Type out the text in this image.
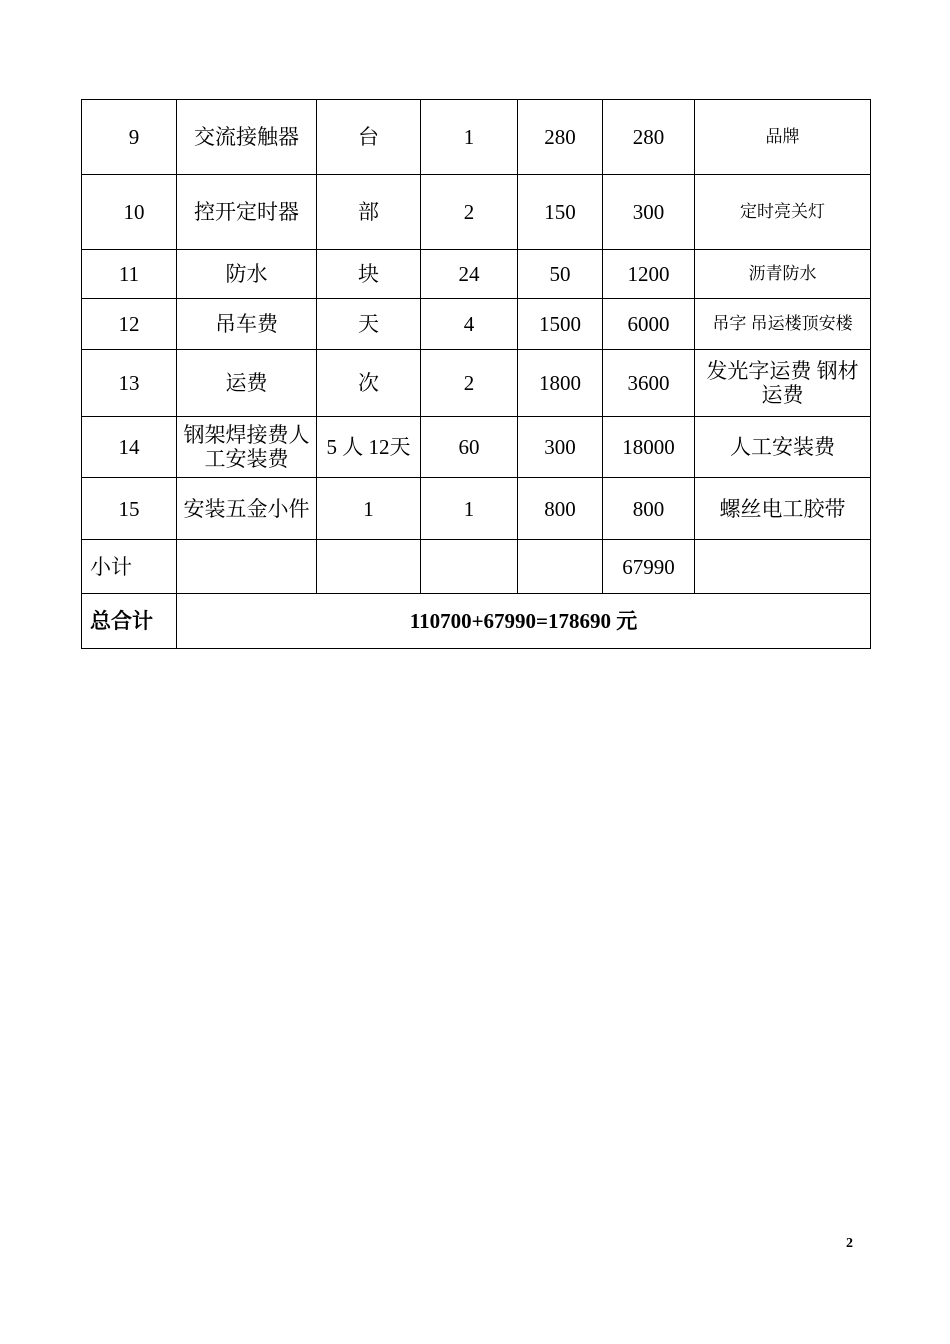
9	交流接触器	台	1	280	280	品牌
10	控开定时器	部	2	150	300	定时亮关灯
11	防水	块	24	50	1200	沥青防水
12	吊车费	天	4	1500	6000	吊字 吊运楼顶安楼
13	运费	次	2	1800	3600	发光字运费 钢材运费
14	钢架焊接费人工安装费	5 人 12天	60	300	18000	人工安装费
15	安装五金小件	1	1	800	800	螺丝电工胶带
小计					67990	
总合计	110700+67990=178690 元					
2
